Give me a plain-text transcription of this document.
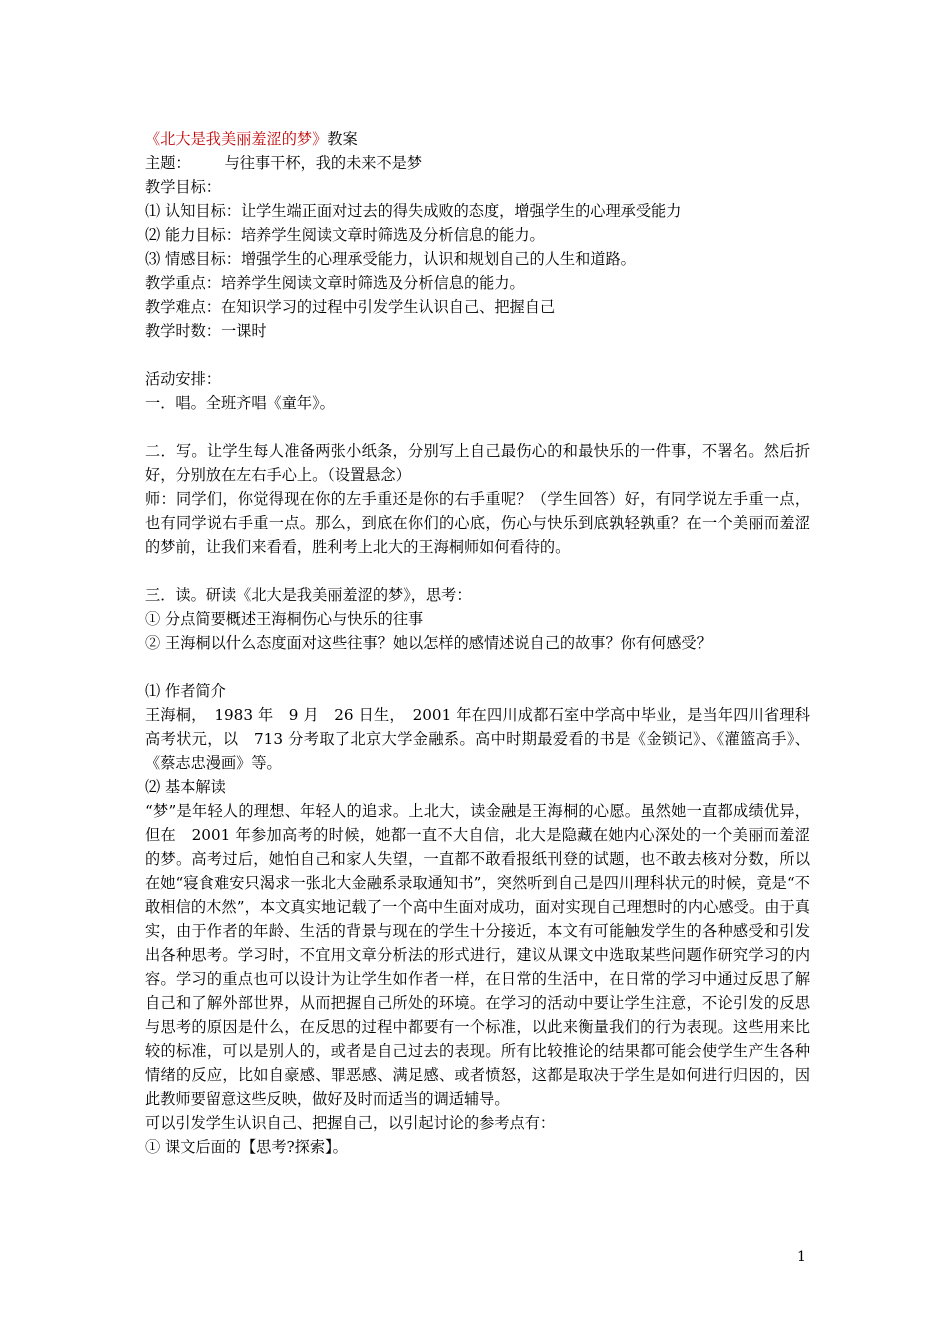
《北大是我美丽羞涩的梦》教案
主题： 与往事干杯，我的未来不是梦
教学目标：
⑴ 认知目标：让学生端正面对过去的得失成败的态度，增强学生的心理承受能力
⑵ 能力目标：培养学生阅读文章时筛选及分析信息的能力。
⑶ 情感目标：增强学生的心理承受能力，认识和规划自己的人生和道路。
教学重点：培养学生阅读文章时筛选及分析信息的能力。
教学难点：在知识学习的过程中引发学生认识自己、把握自己
教学时数：一课时
活动安排：
一．唱。全班齐唱《童年》。
二．写。让学生每人准备两张小纸条，分别写上自己最伤心的和最快乐的一件事，不署名。然后折好，分别放在左右手心上。（设置悬念）
师：同学们，你觉得现在你的左手重还是你的右手重呢？（学生回答）好，有同学说左手重一点，也有同学说右手重一点。那么，到底在你们的心底，伤心与快乐到底孰轻孰重？在一个美丽而羞涩的梦前，让我们来看看，胜利考上北大的王海桐师如何看待的。
三．读。研读《北大是我美丽羞涩的梦》，思考：
① 分点简要概述王海桐伤心与快乐的往事
② 王海桐以什么态度面对这些往事？她以怎样的感情述说自己的故事？你有何感受？
⑴ 作者简介
王海桐，　1983 年　9 月　26 日生，　2001 年在四川成都石室中学高中毕业，是当年四川省理科高考状元，以　713 分考取了北京大学金融系。高中时期最爱看的书是《金锁记》、《灌篮高手》、《蔡志忠漫画》等。
⑵ 基本解读
“梦”是年轻人的理想、年轻人的追求。上北大，读金融是王海桐的心愿。虽然她一直都成绩优异，但在　2001 年参加高考的时候，她都一直不大自信，北大是隐藏在她内心深处的一个美丽而羞涩的梦。高考过后，她怕自己和家人失望，一直都不敢看报纸刊登的试题，也不敢去核对分数，所以在她“寝食难安只渴求一张北大金融系录取通知书”，突然听到自己是四川理科状元的时候，竟是“不敢相信的木然”，本文真实地记载了一个高中生面对成功，面对实现自己理想时的内心感受。由于真实，由于作者的年龄、生活的背景与现在的学生十分接近，本文有可能触发学生的各种感受和引发出各种思考。学习时，不宜用文章分析法的形式进行，建议从课文中选取某些问题作研究学习的内容。学习的重点也可以设计为让学生如作者一样，在日常的生活中，在日常的学习中通过反思了解自己和了解外部世界，从而把握自己所处的环境。在学习的活动中要让学生注意，不论引发的反思与思考的原因是什么，在反思的过程中都要有一个标准，以此来衡量我们的行为表现。这些用来比较的标准，可以是别人的，或者是自己过去的表现。所有比较推论的结果都可能会使学生产生各种情绪的反应，比如自豪感、罪恶感、满足感、或者愤怒，这都是取决于学生是如何进行归因的，因此教师要留意这些反映，做好及时而适当的调适辅导。
可以引发学生认识自己、把握自己，以引起讨论的参考点有：
① 课文后面的【思考?探索】。
1
